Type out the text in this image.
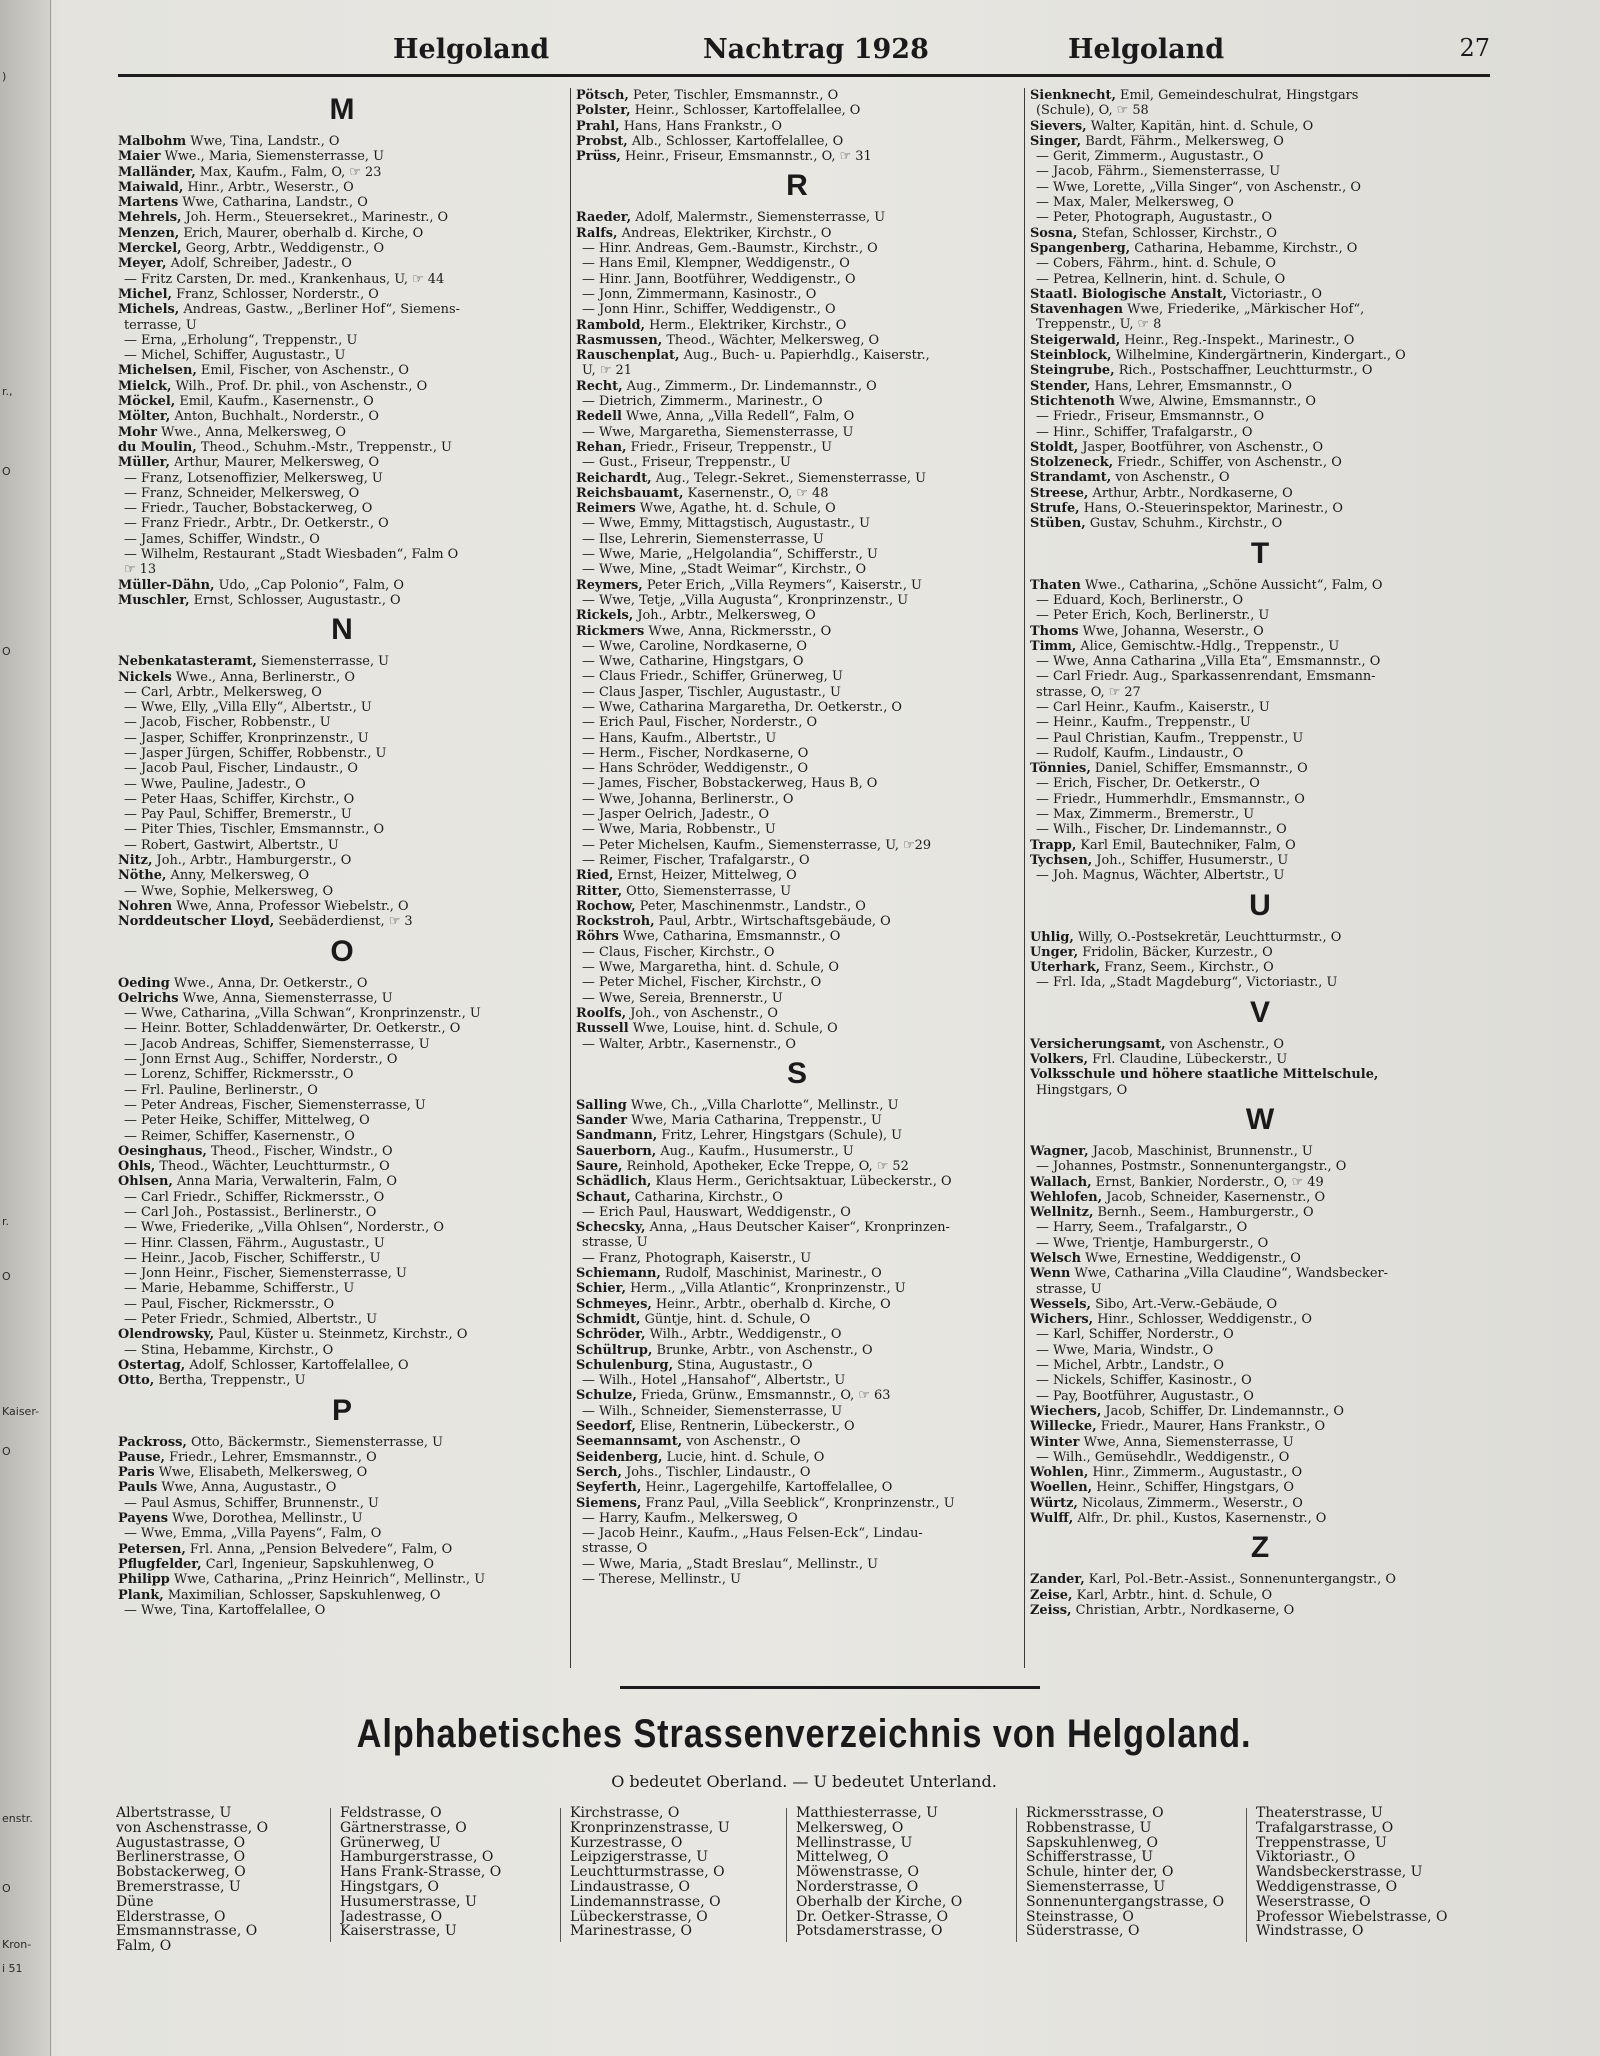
)
r.,
O
O
r.
O
Kaiser-
O
enstr.
O
Kron-
i 51
Helgoland	Nachtrag 1928	Helgoland	27
M
Malbohm Wwe, Tina, Landstr., O
Maier Wwe., Maria, Siemensterrasse, U
Malländer, Max, Kaufm., Falm, O, ☞ 23
Maiwald, Hinr., Arbtr., Weserstr., O
Martens Wwe, Catharina, Landstr., O
Mehrels, Joh. Herm., Steuersekret., Marinestr., O
Menzen, Erich, Maurer, oberhalb d. Kirche, O
Merckel, Georg, Arbtr., Weddigenstr., O
Meyer, Adolf, Schreiber, Jadestr., O
— Fritz Carsten, Dr. med., Krankenhaus, U, ☞ 44
Michel, Franz, Schlosser, Norderstr., O
Michels, Andreas, Gastw., „Berliner Hof“, Siemens-
terrasse, U
— Erna, „Erholung“, Treppenstr., U
— Michel, Schiffer, Augustastr., U
Michelsen, Emil, Fischer, von Aschenstr., O
Mielck, Wilh., Prof. Dr. phil., von Aschenstr., O
Möckel, Emil, Kaufm., Kasernenstr., O
Mölter, Anton, Buchhalt., Norderstr., O
Mohr Wwe., Anna, Melkersweg, O
du Moulin, Theod., Schuhm.-Mstr., Treppenstr., U
Müller, Arthur, Maurer, Melkersweg, O
— Franz, Lotsenoffizier, Melkersweg, U
— Franz, Schneider, Melkersweg, O
— Friedr., Taucher, Bobstackerweg, O
— Franz Friedr., Arbtr., Dr. Oetkerstr., O
— James, Schiffer, Windstr., O
— Wilhelm, Restaurant „Stadt Wiesbaden“, Falm O
☞ 13
Müller-Dähn, Udo, „Cap Polonio“, Falm, O
Muschler, Ernst, Schlosser, Augustastr., O
N
Nebenkatasteramt, Siemensterrasse, U
Nickels Wwe., Anna, Berlinerstr., O
— Carl, Arbtr., Melkersweg, O
— Wwe, Elly, „Villa Elly“, Albertstr., U
— Jacob, Fischer, Robbenstr., U
— Jasper, Schiffer, Kronprinzenstr., U
— Jasper Jürgen, Schiffer, Robbenstr., U
— Jacob Paul, Fischer, Lindaustr., O
— Wwe, Pauline, Jadestr., O
— Peter Haas, Schiffer, Kirchstr., O
— Pay Paul, Schiffer, Bremerstr., U
— Piter Thies, Tischler, Emsmannstr., O
— Robert, Gastwirt, Albertstr., U
Nitz, Joh., Arbtr., Hamburgerstr., O
Nöthe, Anny, Melkersweg, O
— Wwe, Sophie, Melkersweg, O
Nohren Wwe, Anna, Professor Wiebelstr., O
Norddeutscher Lloyd, Seebäderdienst, ☞ 3
O
Oeding Wwe., Anna, Dr. Oetkerstr., O
Oelrichs Wwe, Anna, Siemensterrasse, U
— Wwe, Catharina, „Villa Schwan“, Kronprinzenstr., U
— Heinr. Botter, Schladdenwärter, Dr. Oetkerstr., O
— Jacob Andreas, Schiffer, Siemensterrasse, U
— Jonn Ernst Aug., Schiffer, Norderstr., O
— Lorenz, Schiffer, Rickmersstr., O
— Frl. Pauline, Berlinerstr., O
— Peter Andreas, Fischer, Siemensterrasse, U
— Peter Heike, Schiffer, Mittelweg, O
— Reimer, Schiffer, Kasernenstr., O
Oesinghaus, Theod., Fischer, Windstr., O
Ohls, Theod., Wächter, Leuchtturmstr., O
Ohlsen, Anna Maria, Verwalterin, Falm, O
— Carl Friedr., Schiffer, Rickmersstr., O
— Carl Joh., Postassist., Berlinerstr., O
— Wwe, Friederike, „Villa Ohlsen“, Norderstr., O
— Hinr. Classen, Fährm., Augustastr., U
— Heinr., Jacob, Fischer, Schifferstr., U
— Jonn Heinr., Fischer, Siemensterrasse, U
— Marie, Hebamme, Schifferstr., U
— Paul, Fischer, Rickmersstr., O
— Peter Friedr., Schmied, Albertstr., U
Olendrowsky, Paul, Küster u. Steinmetz, Kirchstr., O
— Stina, Hebamme, Kirchstr., O
Ostertag, Adolf, Schlosser, Kartoffelallee, O
Otto, Bertha, Treppenstr., U
P
Packross, Otto, Bäckermstr., Siemensterrasse, U
Pause, Friedr., Lehrer, Emsmannstr., O
Paris Wwe, Elisabeth, Melkersweg, O
Pauls Wwe, Anna, Augustastr., O
— Paul Asmus, Schiffer, Brunnenstr., U
Payens Wwe, Dorothea, Mellinstr., U
— Wwe, Emma, „Villa Payens“, Falm, O
Petersen, Frl. Anna, „Pension Belvedere“, Falm, O
Pflugfelder, Carl, Ingenieur, Sapskuhlenweg, O
Philipp Wwe, Catharina, „Prinz Heinrich“, Mellinstr., U
Plank, Maximilian, Schlosser, Sapskuhlenweg, O
— Wwe, Tina, Kartoffelallee, O
Pötsch, Peter, Tischler, Emsmannstr., O
Polster, Heinr., Schlosser, Kartoffelallee, O
Prahl, Hans, Hans Frankstr., O
Probst, Alb., Schlosser, Kartoffelallee, O
Prüss, Heinr., Friseur, Emsmannstr., O, ☞ 31
R
Raeder, Adolf, Malermstr., Siemensterrasse, U
Ralfs, Andreas, Elektriker, Kirchstr., O
— Hinr. Andreas, Gem.-Baumstr., Kirchstr., O
— Hans Emil, Klempner, Weddigenstr., O
— Hinr. Jann, Bootführer, Weddigenstr., O
— Jonn, Zimmermann, Kasinostr., O
— Jonn Hinr., Schiffer, Weddigenstr., O
Rambold, Herm., Elektriker, Kirchstr., O
Rasmussen, Theod., Wächter, Melkersweg, O
Rauschenplat, Aug., Buch- u. Papierhdlg., Kaiserstr.,
U, ☞ 21
Recht, Aug., Zimmerm., Dr. Lindemannstr., O
— Dietrich, Zimmerm., Marinestr., O
Redell Wwe, Anna, „Villa Redell“, Falm, O
— Wwe, Margaretha, Siemensterrasse, U
Rehan, Friedr., Friseur, Treppenstr., U
— Gust., Friseur, Treppenstr., U
Reichardt, Aug., Telegr.-Sekret., Siemensterrasse, U
Reichsbauamt, Kasernenstr., O, ☞ 48
Reimers Wwe, Agathe, ht. d. Schule, O
— Wwe, Emmy, Mittagstisch, Augustastr., U
— Ilse, Lehrerin, Siemensterrasse, U
— Wwe, Marie, „Helgolandia“, Schifferstr., U
— Wwe, Mine, „Stadt Weimar“, Kirchstr., O
Reymers, Peter Erich, „Villa Reymers“, Kaiserstr., U
— Wwe, Tetje, „Villa Augusta“, Kronprinzenstr., U
Rickels, Joh., Arbtr., Melkersweg, O
Rickmers Wwe, Anna, Rickmersstr., O
— Wwe, Caroline, Nordkaserne, O
— Wwe, Catharine, Hingstgars, O
— Claus Friedr., Schiffer, Grünerweg, U
— Claus Jasper, Tischler, Augustastr., U
— Wwe, Catharina Margaretha, Dr. Oetkerstr., O
— Erich Paul, Fischer, Norderstr., O
— Hans, Kaufm., Albertstr., U
— Herm., Fischer, Nordkaserne, O
— Hans Schröder, Weddigenstr., O
— James, Fischer, Bobstackerweg, Haus B, O
— Wwe, Johanna, Berlinerstr., O
— Jasper Oelrich, Jadestr., O
— Wwe, Maria, Robbenstr., U
— Peter Michelsen, Kaufm., Siemensterrasse, U, ☞29
— Reimer, Fischer, Trafalgarstr., O
Ried, Ernst, Heizer, Mittelweg, O
Ritter, Otto, Siemensterrasse, U
Rochow, Peter, Maschinenmstr., Landstr., O
Rockstroh, Paul, Arbtr., Wirtschaftsgebäude, O
Röhrs Wwe, Catharina, Emsmannstr., O
— Claus, Fischer, Kirchstr., O
— Wwe, Margaretha, hint. d. Schule, O
— Peter Michel, Fischer, Kirchstr., O
— Wwe, Sereia, Brennerstr., U
Roolfs, Joh., von Aschenstr., O
Russell Wwe, Louise, hint. d. Schule, O
— Walter, Arbtr., Kasernenstr., O
S
Salling Wwe, Ch., „Villa Charlotte“, Mellinstr., U
Sander Wwe, Maria Catharina, Treppenstr., U
Sandmann, Fritz, Lehrer, Hingstgars (Schule), U
Sauerborn, Aug., Kaufm., Husumerstr., U
Saure, Reinhold, Apotheker, Ecke Treppe, O, ☞ 52
Schädlich, Klaus Herm., Gerichtsaktuar, Lübeckerstr., O
Schaut, Catharina, Kirchstr., O
— Erich Paul, Hauswart, Weddigenstr., O
Schecsky, Anna, „Haus Deutscher Kaiser“, Kronprinzen-
strasse, U
— Franz, Photograph, Kaiserstr., U
Schiemann, Rudolf, Maschinist, Marinestr., O
Schier, Herm., „Villa Atlantic“, Kronprinzenstr., U
Schmeyes, Heinr., Arbtr., oberhalb d. Kirche, O
Schmidt, Güntje, hint. d. Schule, O
Schröder, Wilh., Arbtr., Weddigenstr., O
Schültrup, Brunke, Arbtr., von Aschenstr., O
Schulenburg, Stina, Augustastr., O
— Wilh., Hotel „Hansahof“, Albertstr., U
Schulze, Frieda, Grünw., Emsmannstr., O, ☞ 63
— Wilh., Schneider, Siemensterrasse, U
Seedorf, Elise, Rentnerin, Lübeckerstr., O
Seemannsamt, von Aschenstr., O
Seidenberg, Lucie, hint. d. Schule, O
Serch, Johs., Tischler, Lindaustr., O
Seyferth, Heinr., Lagergehilfe, Kartoffelallee, O
Siemens, Franz Paul, „Villa Seeblick“, Kronprinzenstr., U
— Harry, Kaufm., Melkersweg, O
— Jacob Heinr., Kaufm., „Haus Felsen-Eck“, Lindau-
strasse, O
— Wwe, Maria, „Stadt Breslau“, Mellinstr., U
— Therese, Mellinstr., U
Sienknecht, Emil, Gemeindeschulrat, Hingstgars
(Schule), O, ☞ 58
Sievers, Walter, Kapitän, hint. d. Schule, O
Singer, Bardt, Fährm., Melkersweg, O
— Gerit, Zimmerm., Augustastr., O
— Jacob, Fährm., Siemensterrasse, U
— Wwe, Lorette, „Villa Singer“, von Aschenstr., O
— Max, Maler, Melkersweg, O
— Peter, Photograph, Augustastr., O
Sosna, Stefan, Schlosser, Kirchstr., O
Spangenberg, Catharina, Hebamme, Kirchstr., O
— Cobers, Fährm., hint. d. Schule, O
— Petrea, Kellnerin, hint. d. Schule, O
Staatl. Biologische Anstalt, Victoriastr., O
Stavenhagen Wwe, Friederike, „Märkischer Hof“,
Treppenstr., U, ☞ 8
Steigerwald, Heinr., Reg.-Inspekt., Marinestr., O
Steinblock, Wilhelmine, Kindergärtnerin, Kindergart., O
Steingrube, Rich., Postschaffner, Leuchtturmstr., O
Stender, Hans, Lehrer, Emsmannstr., O
Stichtenoth Wwe, Alwine, Emsmannstr., O
— Friedr., Friseur, Emsmannstr., O
— Hinr., Schiffer, Trafalgarstr., O
Stoldt, Jasper, Bootführer, von Aschenstr., O
Stolzeneck, Friedr., Schiffer, von Aschenstr., O
Strandamt, von Aschenstr., O
Streese, Arthur, Arbtr., Nordkaserne, O
Strufe, Hans, O.-Steuerinspektor, Marinestr., O
Stüben, Gustav, Schuhm., Kirchstr., O
T
Thaten Wwe., Catharina, „Schöne Aussicht“, Falm, O
— Eduard, Koch, Berlinerstr., O
— Peter Erich, Koch, Berlinerstr., U
Thoms Wwe, Johanna, Weserstr., O
Timm, Alice, Gemischtw.-Hdlg., Treppenstr., U
— Wwe, Anna Catharina „Villa Eta“, Emsmannstr., O
— Carl Friedr. Aug., Sparkassenrendant, Emsmann-
strasse, O, ☞ 27
— Carl Heinr., Kaufm., Kaiserstr., U
— Heinr., Kaufm., Treppenstr., U
— Paul Christian, Kaufm., Treppenstr., U
— Rudolf, Kaufm., Lindaustr., O
Tönnies, Daniel, Schiffer, Emsmannstr., O
— Erich, Fischer, Dr. Oetkerstr., O
— Friedr., Hummerhdlr., Emsmannstr., O
— Max, Zimmerm., Bremerstr., U
— Wilh., Fischer, Dr. Lindemannstr., O
Trapp, Karl Emil, Bautechniker, Falm, O
Tychsen, Joh., Schiffer, Husumerstr., U
— Joh. Magnus, Wächter, Albertstr., U
U
Uhlig, Willy, O.-Postsekretär, Leuchtturmstr., O
Unger, Fridolin, Bäcker, Kurzestr., O
Uterhark, Franz, Seem., Kirchstr., O
— Frl. Ida, „Stadt Magdeburg“, Victoriastr., U
V
Versicherungsamt, von Aschenstr., O
Volkers, Frl. Claudine, Lübeckerstr., U
Volksschule und höhere staatliche Mittelschule,
Hingstgars, O
W
Wagner, Jacob, Maschinist, Brunnenstr., U
— Johannes, Postmstr., Sonnenuntergangstr., O
Wallach, Ernst, Bankier, Norderstr., O, ☞ 49
Wehlofen, Jacob, Schneider, Kasernenstr., O
Wellnitz, Bernh., Seem., Hamburgerstr., O
— Harry, Seem., Trafalgarstr., O
— Wwe, Trientje, Hamburgerstr., O
Welsch Wwe, Ernestine, Weddigenstr., O
Wenn Wwe, Catharina „Villa Claudine“, Wandsbecker-
strasse, U
Wessels, Sibo, Art.-Verw.-Gebäude, O
Wichers, Hinr., Schlosser, Weddigenstr., O
— Karl, Schiffer, Norderstr., O
— Wwe, Maria, Windstr., O
— Michel, Arbtr., Landstr., O
— Nickels, Schiffer, Kasinostr., O
— Pay, Bootführer, Augustastr., O
Wiechers, Jacob, Schiffer, Dr. Lindemannstr., O
Willecke, Friedr., Maurer, Hans Frankstr., O
Winter Wwe, Anna, Siemensterrasse, U
— Wilh., Gemüsehdlr., Weddigenstr., O
Wohlen, Hinr., Zimmerm., Augustastr., O
Woellen, Heinr., Schiffer, Hingstgars, O
Würtz, Nicolaus, Zimmerm., Weserstr., O
Wulff, Alfr., Dr. phil., Kustos, Kasernenstr., O
Z
Zander, Karl, Pol.-Betr.-Assist., Sonnenuntergangstr., O
Zeise, Karl, Arbtr., hint. d. Schule, O
Zeiss, Christian, Arbtr., Nordkaserne, O
Alphabetisches Strassenverzeichnis von Helgoland.
O bedeutet Oberland. — U bedeutet Unterland.
Albertstrasse, U
von Aschenstrasse, O
Augustastrasse, O
Berlinerstrasse, O
Bobstackerweg, O
Bremerstrasse, U
Düne
Elderstrasse, O
Emsmannstrasse, O
Falm, O
Feldstrasse, O
Gärtnerstrasse, O
Grünerweg, U
Hamburgerstrasse, O
Hans Frank-Strasse, O
Hingstgars, O
Husumerstrasse, U
Jadestrasse, O
Kaiserstrasse, U
Kirchstrasse, O
Kronprinzenstrasse, U
Kurzestrasse, O
Leipzigerstrasse, U
Leuchtturmstrasse, O
Lindaustrasse, O
Lindemannstrasse, O
Lübeckerstrasse, O
Marinestrasse, O
Matthiesterrasse, U
Melkersweg, O
Mellinstrasse, U
Mittelweg, O
Möwenstrasse, O
Norderstrasse, O
Oberhalb der Kirche, O
Dr. Oetker-Strasse, O
Potsdamerstrasse, O
Rickmersstrasse, O
Robbenstrasse, U
Sapskuhlenweg, O
Schifferstrasse, U
Schule, hinter der, O
Siemensterrasse, U
Sonnenuntergangstrasse, O
Steinstrasse, O
Süderstrasse, O
Theaterstrasse, U
Trafalgarstrasse, O
Treppenstrasse, U
Viktoriastr., O
Wandsbeckerstrasse, U
Weddigenstrasse, O
Weserstrasse, O
Professor Wiebelstrasse, O
Windstrasse, O
